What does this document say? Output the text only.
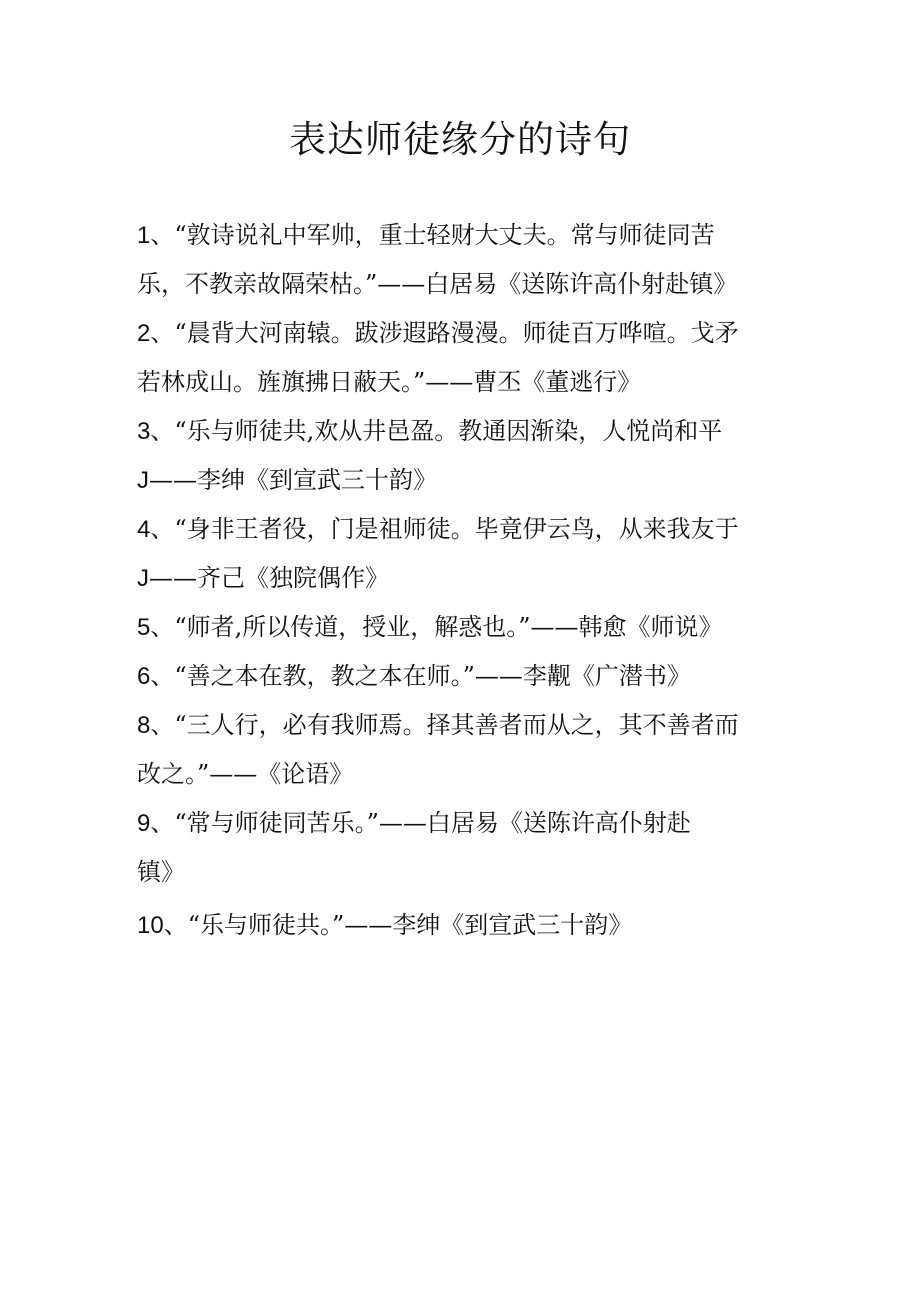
表达师徒缘分的诗句
1、“敦诗说礼中军帅，重士轻财大丈夫。常与师徒同苦
乐，不教亲故隔荣枯。”——白居易《送陈许高仆射赴镇》
2、“晨背大河南辕。跋涉遐路漫漫。师徒百万哗喧。戈矛
若林成山。旌旗拂日蔽天。”——曹丕《董逃行》
3、“乐与师徒共,欢从井邑盈。教通因渐染，人悦尚和平
J——李绅《到宣武三十韵》
4、“身非王者役，门是祖师徒。毕竟伊云鸟，从来我友于
J——齐己《独院偶作》
5、“师者,所以传道，授业，解惑也。”——韩愈《师说》
6、“善之本在教，教之本在师。”——李觏《广潜书》
8、“三人行，必有我师焉。择其善者而从之，其不善者而
改之。”——《论语》
9、“常与师徒同苦乐。”——白居易《送陈许高仆射赴
镇》
10、“乐与师徒共。”——李绅《到宣武三十韵》
